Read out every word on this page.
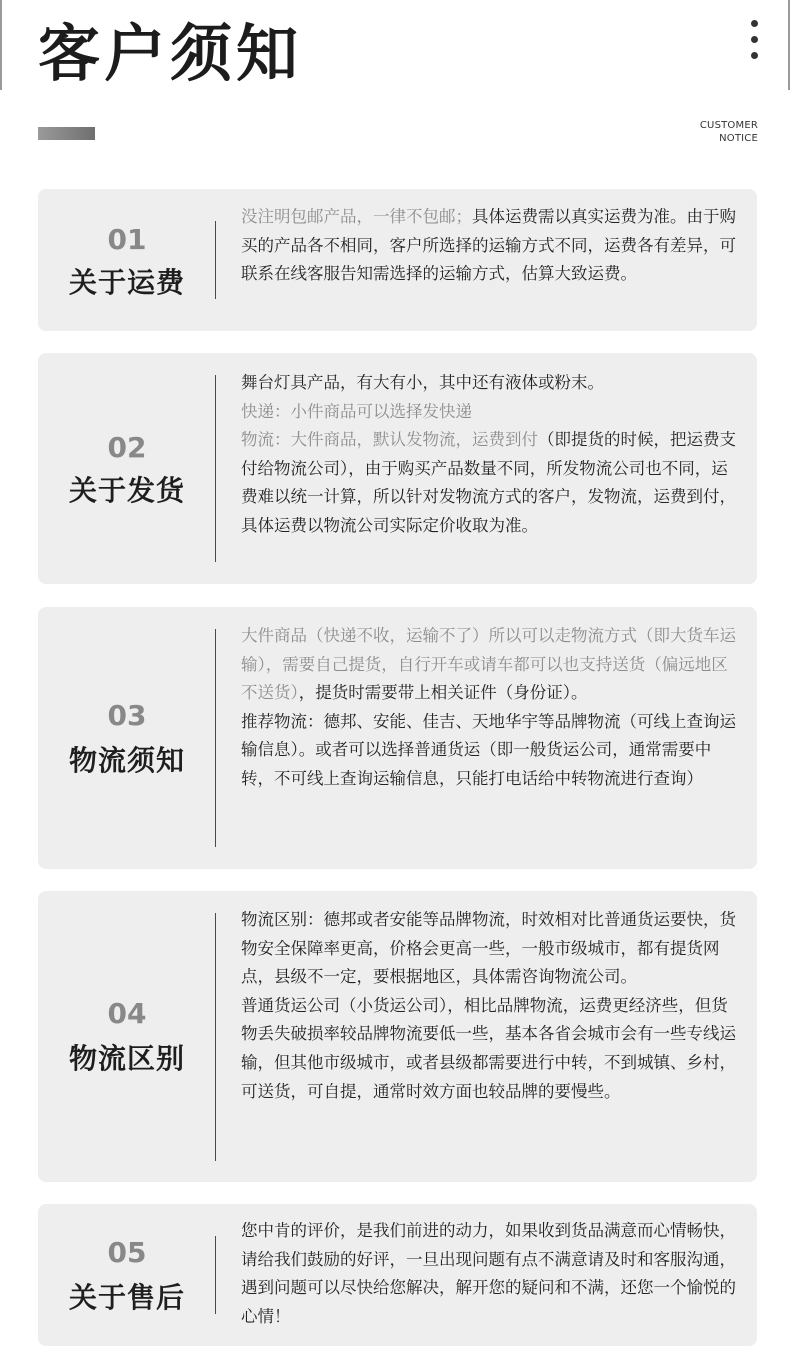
客户须知
CUSTOMER
NOTICE
01
关于运费

没注明包邮产品，一律不包邮；具体运费需以真实运费为准。由于购买的产品各不相同，客户所选择的运输方式不同，运费各有差异，可联系在线客服告知需选择的运输方式，估算大致运费。

02
关于发货

舞台灯具产品，有大有小，其中还有液体或粉末。

快递：小件商品可以选择发快递

物流：大件商品，默认发物流，运费到付（即提货的时候，把运费支付给物流公司），由于购买产品数量不同，所发物流公司也不同，运费难以统一计算，所以针对发物流方式的客户，发物流，运费到付，具体运费以物流公司实际定价收取为准。

03
物流须知

大件商品（快递不收，运输不了）所以可以走物流方式（即大货车运输），需要自己提货，自行开车或请车都可以也支持送货（偏远地区不送货），提货时需要带上相关证件（身份证）。

推荐物流：德邦、安能、佳吉、天地华宇等品牌物流（可线上查询运输信息）。或者可以选择普通货运（即一般货运公司，通常需要中转，不可线上查询运输信息，只能打电话给中转物流进行查询）

04
物流区别

物流区别：德邦或者安能等品牌物流，时效相对比普通货运要快，货物安全保障率更高，价格会更高一些，一般市级城市，都有提货网点，县级不一定，要根据地区，具体需咨询物流公司。

普通货运公司（小货运公司），相比品牌物流，运费更经济些，但货物丢失破损率较品牌物流要低一些，基本各省会城市会有一些专线运输，但其他市级城市，或者县级都需要进行中转，不到城镇、乡村，可送货，可自提，通常时效方面也较品牌的要慢些。

05
关于售后

您中肯的评价，是我们前进的动力，如果收到货品满意而心情畅快，请给我们鼓励的好评，一旦出现问题有点不满意请及时和客服沟通，遇到问题可以尽快给您解决，解开您的疑问和不满，还您一个愉悦的心情！
